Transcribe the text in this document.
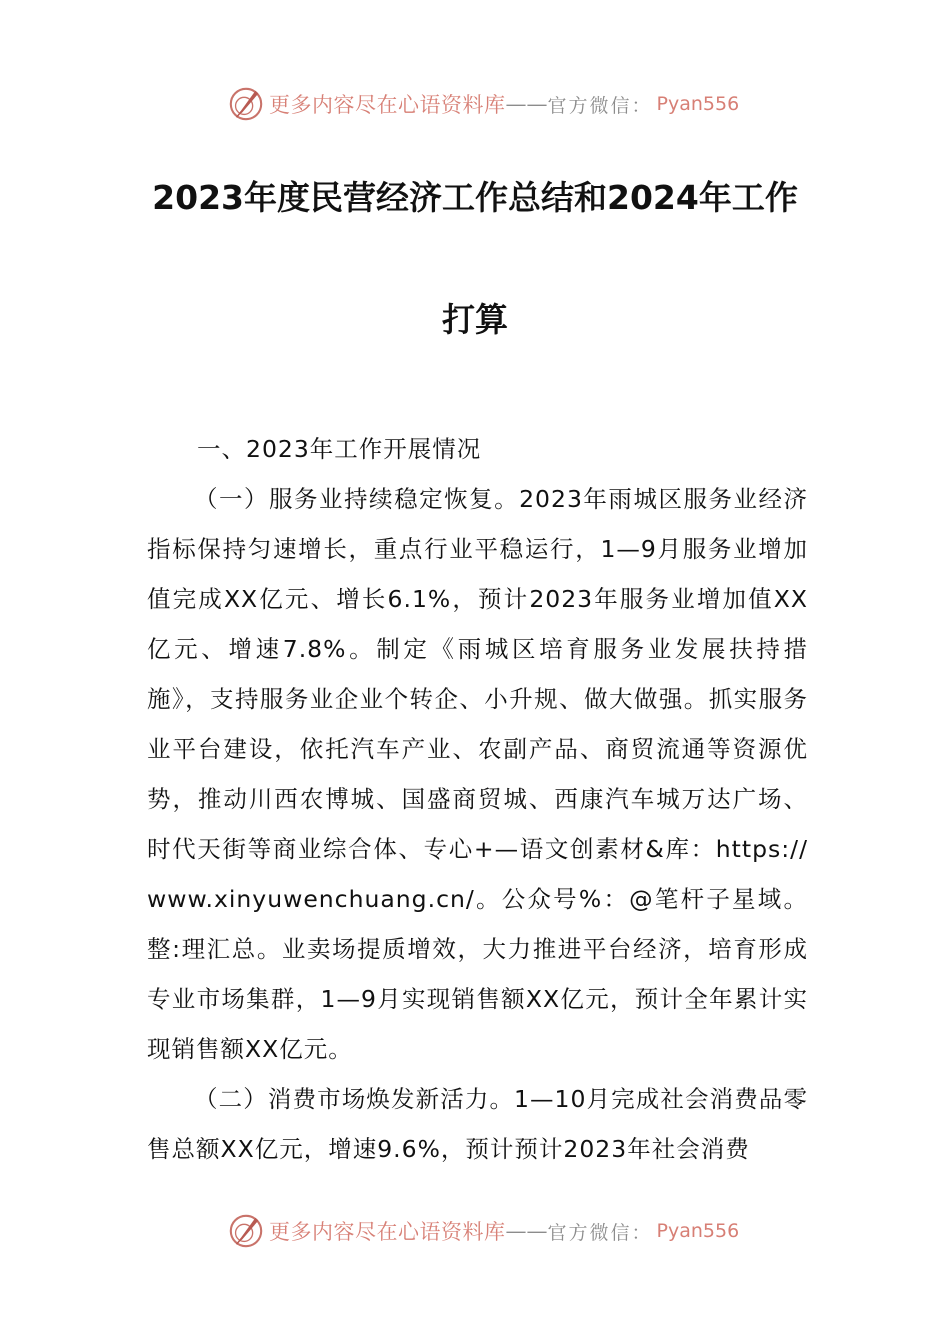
更多内容尽在心语资料库 —— 官方微信： Pyan556
2023年度民营经济工作总结和2024年工作
打算

一、2023年工作开展情况

（一）服务业持续稳定恢复。2023年雨城区服务业经济指标保持匀速增长，重点行业平稳运行，1—9月服务业增加值完成XX亿元、增长6.1%，预计2023年服务业增加值XX亿元、增速7.8%。制定《雨城区培育服务业发展扶持措施》，支持服务业企业个转企、小升规、做大做强。抓实服务业平台建设，依托汽车产业、农副产品、商贸流通等资源优势，推动川西农博城、国盛商贸城、西康汽车城万达广场、时代天街等商业综合体、专心+—语文创素材&库：https://www.xinyuwenchuang.cn/。公众号%：@笔杆子星域。整:理汇总。业卖场提质增效，大力推进平台经济，培育形成专业市场集群，1—9月实现销售额XX亿元，预计全年累计实现销售额XX亿元。

（二）消费市场焕发新活力。1—10月完成社会消费品零售总额XX亿元，增速9.6%，预计预计2023年社会消费

更多内容尽在心语资料库 —— 官方微信： Pyan556
